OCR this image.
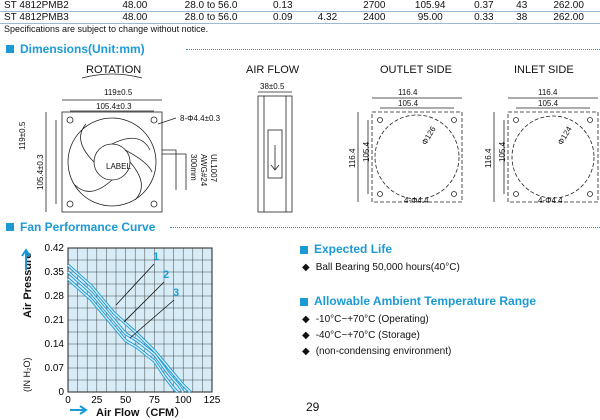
ST 4812PMB2	48.00	28.0 to 56.0	0.13		2700	105.94	0.37	43	262.00
ST 4812PMB3	48.00	28.0 to 56.0	0.09	4.32	2400	95.00	0.33	38	262.00
Specifications are subject to change without notice.
Dimensions(Unit:mm)
ROTATION	AIR FLOW	OUTLET SIDE	INLET SIDE
119±0.5
105.4±0.3
8-Φ4.4±0.3
119±0.5
105.4±0.3	LABEL
38±0.5
UL1007
AWG#24
300mm
116.4
105.4
116.4 105.4
Φ126
4-Φ4.4
116.4
105.4
116.4 105.4
Φ124
4-Φ4.4
Fan Performance Curve
Air Pressure
(IN H₂O)
Air Flow（CFM）
1
2
3
0 25 50 75 100 125
0
0.07
0.14
0.21
0.28
0.35
0.42	Expected Life
◆ Ball Bearing 50,000 hours(40°C)
Allowable Ambient Temperature Range
◆ -10°C~+70°C (Operating)
◆ -40°C~+70°C (Storage)
◆ (non-condensing environment)
29
